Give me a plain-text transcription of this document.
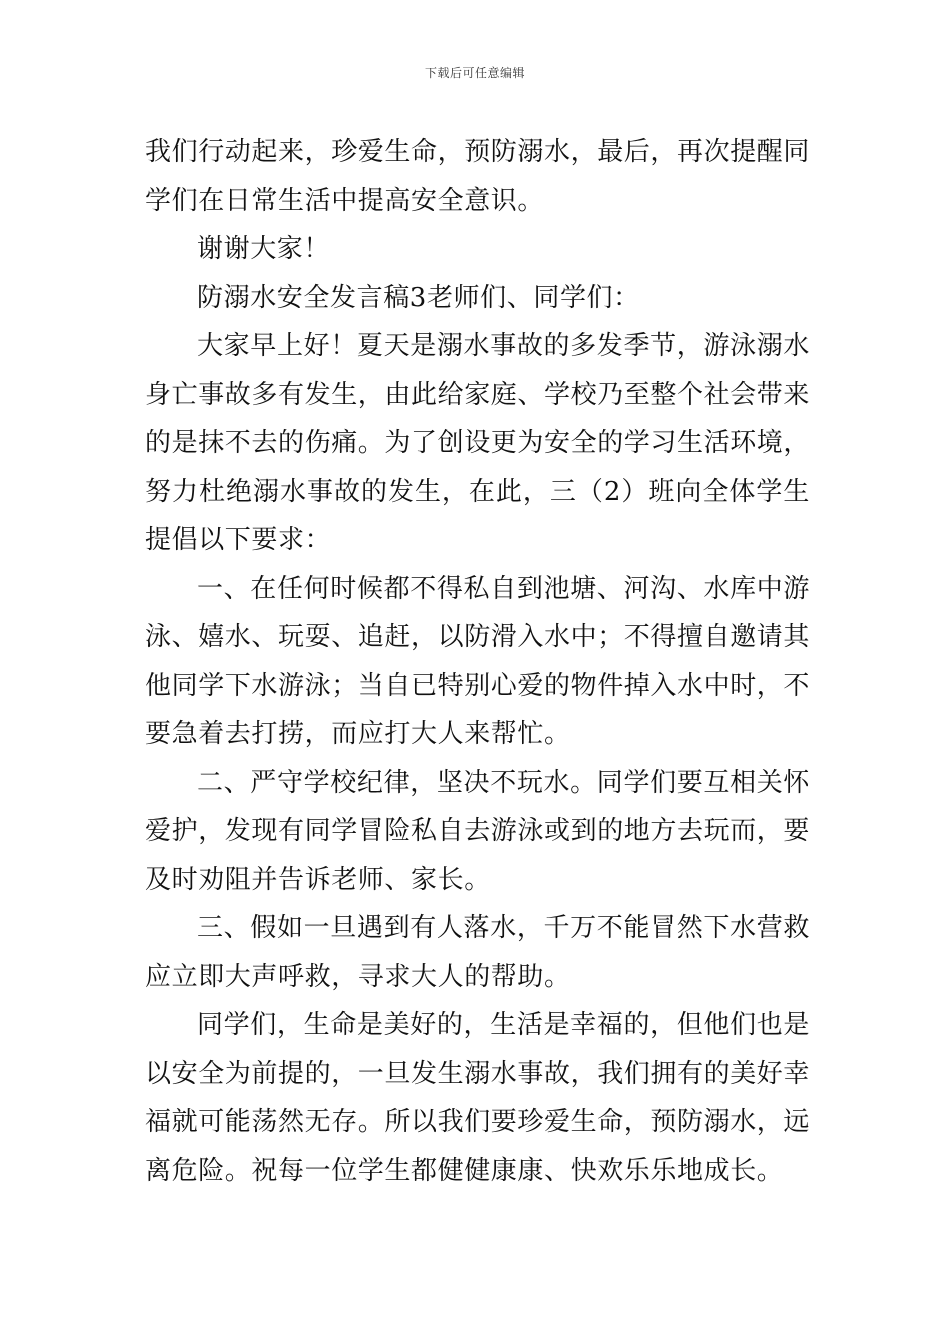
下载后可任意编辑

我们行动起来，珍爱生命，预防溺水，最后，再次提醒同学们在日常生活中提高安全意识。

谢谢大家！

防溺水安全发言稿3老师们、同学们：

大家早上好！夏天是溺水事故的多发季节，游泳溺水身亡事故多有发生，由此给家庭、学校乃至整个社会带来的是抹不去的伤痛。为了创设更为安全的学习生活环境，努力杜绝溺水事故的发生，在此，三（2）班向全体学生提倡以下要求：

一、在任何时候都不得私自到池塘、河沟、水库中游泳、嬉水、玩耍、追赶，以防滑入水中；不得擅自邀请其他同学下水游泳；当自已特别心爱的物件掉入水中时，不要急着去打捞，而应打大人来帮忙。

二、严守学校纪律，坚决不玩水。同学们要互相关怀爱护，发现有同学冒险私自去游泳或到的地方去玩而，要及时劝阻并告诉老师、家长。

三、假如一旦遇到有人落水，千万不能冒然下水营救应立即大声呼救，寻求大人的帮助。

同学们，生命是美好的，生活是幸福的，但他们也是以安全为前提的，一旦发生溺水事故，我们拥有的美好幸福就可能荡然无存。所以我们要珍爱生命，预防溺水，远离危险。祝每一位学生都健健康康、快欢乐乐地成长。
